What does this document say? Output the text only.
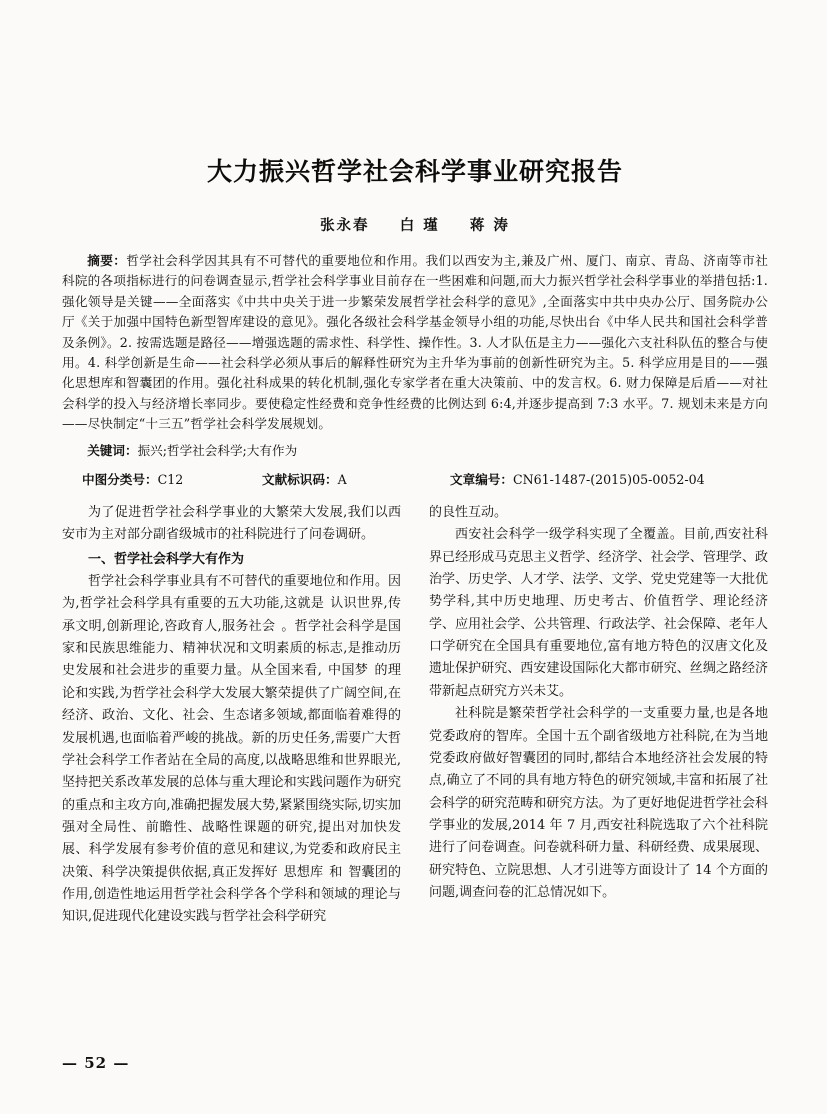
大力振兴哲学社会科学事业研究报告
张永春 白 瑾 蒋 涛
摘要：哲学社会科学因其具有不可替代的重要地位和作用。我们以西安为主,兼及广州、厦门、南京、青岛、济南等市社科院的各项指标进行的问卷调查显示,哲学社会科学事业目前存在一些困难和问题,而大力振兴哲学社会科学事业的举措包括:1. 强化领导是关键——全面落实《中共中央关于进一步繁荣发展哲学社会科学的意见》,全面落实中共中央办公厅、国务院办公厅《关于加强中国特色新型智库建设的意见》。强化各级社会科学基金领导小组的功能,尽快出台《中华人民共和国社会科学普及条例》。2. 按需选题是路径——增强选题的需求性、科学性、操作性。3. 人才队伍是主力——强化六支社科队伍的整合与使用。4. 科学创新是生命——社会科学必须从事后的解释性研究为主升华为事前的创新性研究为主。5. 科学应用是目的——强化思想库和智囊团的作用。强化社科成果的转化机制,强化专家学者在重大决策前、中的发言权。6. 财力保障是后盾——对社会科学的投入与经济增长率同步。要使稳定性经费和竞争性经费的比例达到 6:4,并逐步提高到 7:3 水平。7. 规划未来是方向——尽快制定“十三五”哲学社会科学发展规划。
关键词：振兴;哲学社会科学;大有作为
中图分类号：C12	文献标识码：A	文章编号：CN61-1487-(2015)05-0052-04

为了促进哲学社会科学事业的大繁荣大发展,我们以西安市为主对部分副省级城市的社科院进行了问卷调研。

一、哲学社会科学大有作为

哲学社会科学事业具有不可替代的重要地位和作用。因为,哲学社会科学具有重要的五大功能,这就是 认识世界,传承文明,创新理论,咨政育人,服务社会 。哲学社会科学是国家和民族思维能力、精神状况和文明素质的标志,是推动历史发展和社会进步的重要力量。从全国来看, 中国梦 的理论和实践,为哲学社会科学大发展大繁荣提供了广阔空间,在经济、政治、文化、社会、生态诸多领域,都面临着难得的发展机遇,也面临着严峻的挑战。新的历史任务,需要广大哲学社会科学工作者站在全局的高度,以战略思维和世界眼光,坚持把关系改革发展的总体与重大理论和实践问题作为研究的重点和主攻方向,准确把握发展大势,紧紧围绕实际,切实加强对全局性、前瞻性、战略性课题的研究,提出对加快发展、科学发展有参考价值的意见和建议,为党委和政府民主决策、科学决策提供依据,真正发挥好 思想库 和 智囊团的作用,创造性地运用哲学社会科学各个学科和领域的理论与知识,促进现代化建设实践与哲学社会科学研究

的良性互动。

西安社会科学一级学科实现了全覆盖。目前,西安社科界已经形成马克思主义哲学、经济学、社会学、管理学、政治学、历史学、人才学、法学、文学、党史党建等一大批优势学科,其中历史地理、历史考古、价值哲学、理论经济学、应用社会学、公共管理、行政法学、社会保障、老年人口学研究在全国具有重要地位,富有地方特色的汉唐文化及遗址保护研究、西安建设国际化大都市研究、丝绸之路经济带新起点研究方兴未艾。

社科院是繁荣哲学社会科学的一支重要力量,也是各地党委政府的智库。全国十五个副省级地方社科院,在为当地党委政府做好智囊团的同时,都结合本地经济社会发展的特点,确立了不同的具有地方特色的研究领域,丰富和拓展了社会科学的研究范畴和研究方法。为了更好地促进哲学社会科学事业的发展,2014 年 7 月,西安社科院选取了六个社科院进行了问卷调查。问卷就科研力量、科研经费、成果展现、研究特色、立院思想、人才引进等方面设计了 14 个方面的问题,调查问卷的汇总情况如下。

— 52 —
